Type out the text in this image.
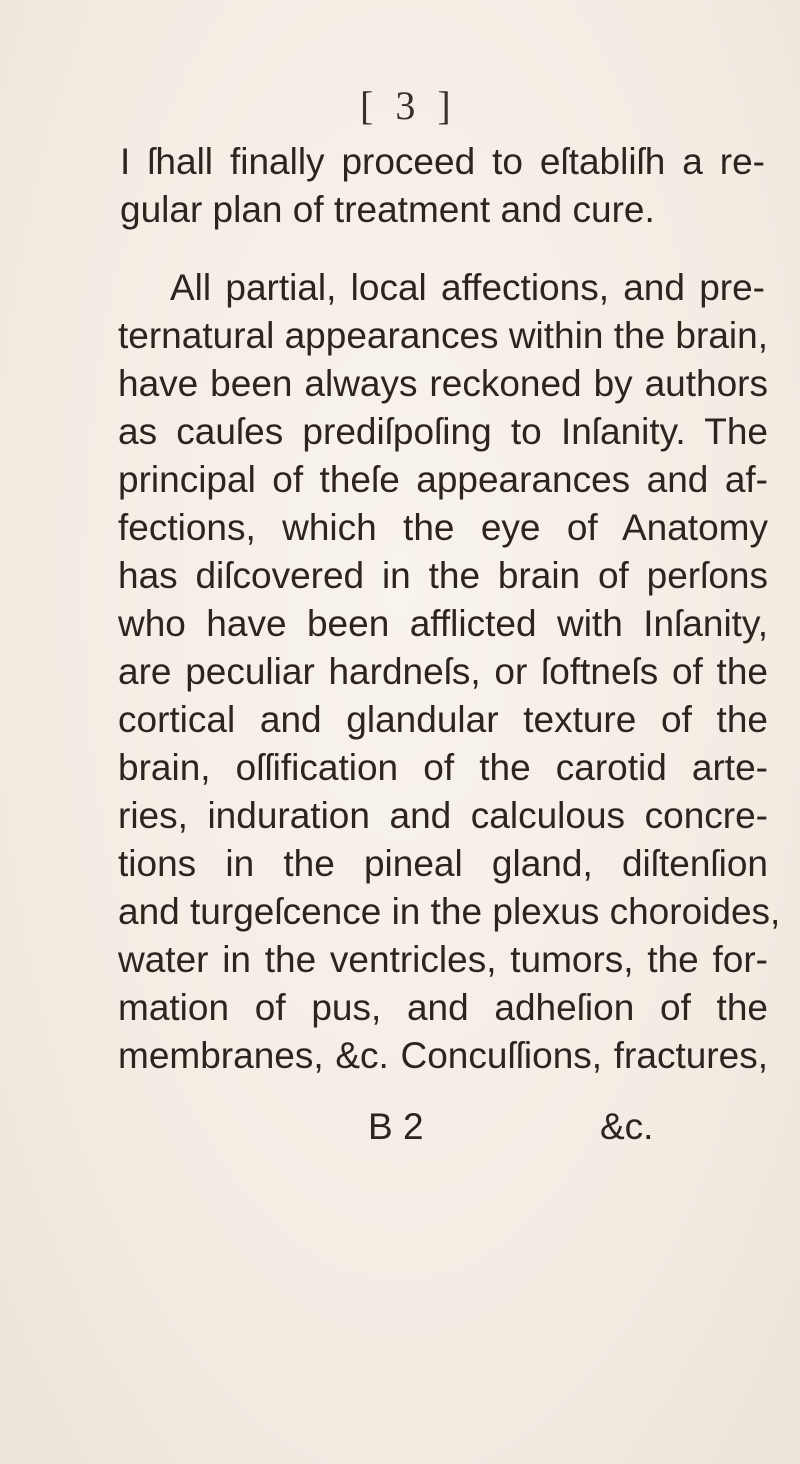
[ 3 ]
I ſhall finally proceed to eſtabliſh a re-
gular plan of treatment and cure.
All partial, local affections, and pre-
ternatural appearances within the brain,
have been always reckoned by authors
as cauſes prediſpoſing to Inſanity. The
principal of theſe appearances and af-
fections, which the eye of Anatomy
has diſcovered in the brain of perſons
who have been afflicted with Inſanity,
are peculiar hardneſs, or ſoftneſs of the
cortical and glandular texture of the
brain, oſſification of the carotid arte-
ries, induration and calculous concre-
tions in the pineal gland, diſtenſion
and turgeſcence in the plexus choroides,
water in the ventricles, tumors, the for-
mation of pus, and adheſion of the
membranes, &c. Concuſſions, fractures,
B 2	&c.
